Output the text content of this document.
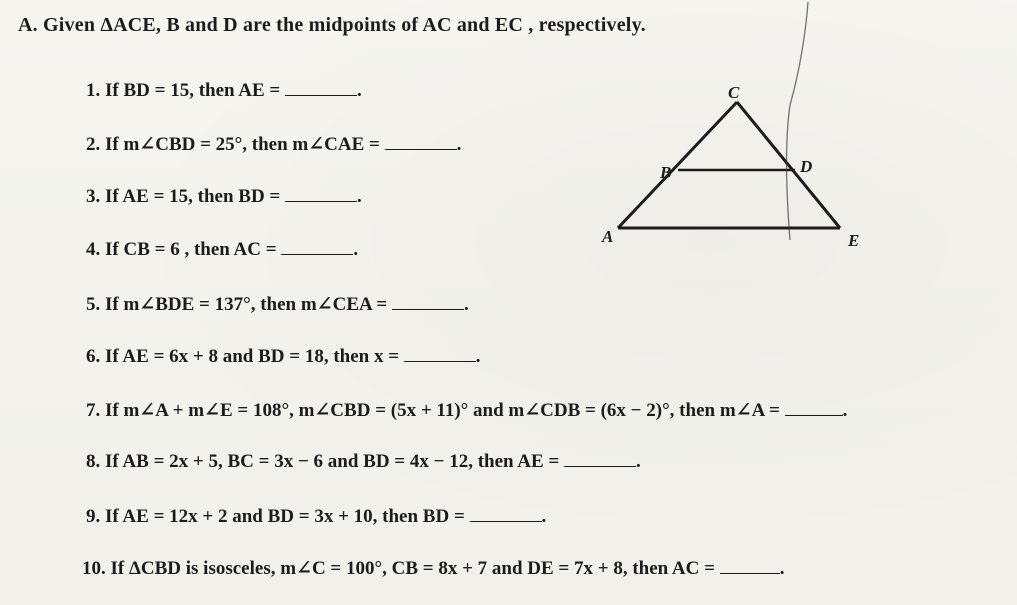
A. Given ΔACE, B and D are the midpoints of AC and EC , respectively.
1. If BD = 15, then AE =	.
2. If m∠CBD = 25°, then m∠CAE =	.
3. If AE = 15, then BD =	.
4. If CB = 6 , then AC =	.
5. If m∠BDE = 137°, then m∠CEA =	.
6. If AE = 6x + 8 and BD = 18, then x =	.
7. If m∠A + m∠E = 108°, m∠CBD = (5x + 11)° and m∠CDB = (6x − 2)°, then m∠A =	.
8. If AB = 2x + 5, BC = 3x − 6 and BD = 4x − 12, then AE =	.
9. If AE = 12x + 2 and BD = 3x + 10, then BD =	.
10. If ΔCBD is isosceles, m∠C = 100°, CB = 8x + 7 and DE = 7x + 8, then AC =	.
C
B	D
A	E
